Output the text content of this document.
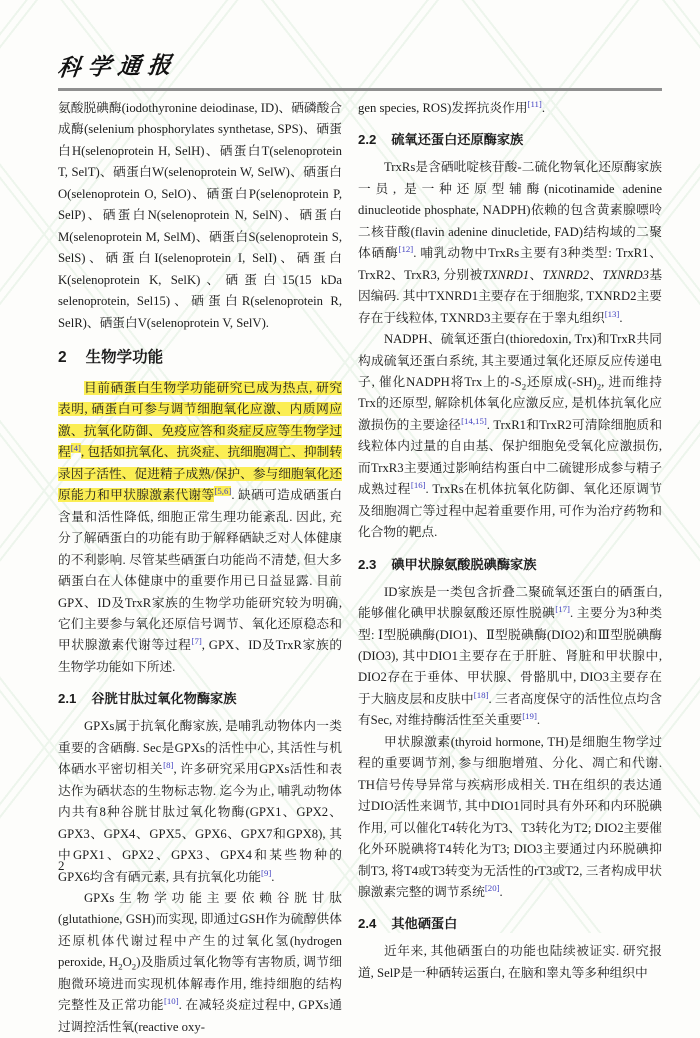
科学通报

氨酸脱碘酶(iodothyronine deiodinase, ID)、硒磷酸合成酶(selenium phosphorylates synthetase, SPS)、硒蛋白H(selenoprotein H, SelH)、硒蛋白T(selenoprotein T, SelT)、硒蛋白W(selenoprotein W, SelW)、硒蛋白O(selenoprotein O, SelO)、硒蛋白P(selenoprotein P, SelP)、硒蛋白N(selenoprotein N, SelN)、硒蛋白M(selenoprotein M, SelM)、硒蛋白S(selenoprotein S, SelS)、硒蛋白I(selenoprotein I, SelI)、硒蛋白K(selenoprotein K, SelK)、硒蛋白15(15 kDa selenoprotein, Sel15)、硒蛋白R(selenoprotein R, SelR)、硒蛋白V(selenoprotein V, SelV).

2 生物学功能

目前硒蛋白生物学功能研究已成为热点, 研究表明, 硒蛋白可参与调节细胞氧化应激、内质网应激、抗氧化防御、免疫应答和炎症反应等生物学过程[4], 包括如抗氧化、抗炎症、抗细胞凋亡、抑制转录因子活性、促进精子成熟/保护、参与细胞氧化还原能力和甲状腺激素代谢等[5,6]. 缺硒可造成硒蛋白含量和活性降低, 细胞正常生理功能紊乱. 因此, 充分了解硒蛋白的功能有助于解释硒缺乏对人体健康的不利影响. 尽管某些硒蛋白功能尚不清楚, 但大多硒蛋白在人体健康中的重要作用已日益显露. 目前GPX、ID及TrxR家族的生物学功能研究较为明确, 它们主要参与氧化还原信号调节、氧化还原稳态和甲状腺激素代谢等过程[7], GPX、ID及TrxR家族的生物学功能如下所述.

2.1 谷胱甘肽过氧化物酶家族

GPXs属于抗氧化酶家族, 是哺乳动物体内一类重要的含硒酶. Sec是GPXs的活性中心, 其活性与机体硒水平密切相关[8], 许多研究采用GPXs活性和表达作为硒状态的生物标志物. 迄今为止, 哺乳动物体内共有8种谷胱甘肽过氧化物酶(GPX1、GPX2、GPX3、GPX4、GPX5、GPX6、GPX7和GPX8), 其中GPX1、GPX2、GPX3、GPX4和某些物种的GPX6均含有硒元素, 具有抗氧化功能[9].

GPXs生物学功能主要依赖谷胱甘肽(glutathione, GSH)而实现, 即通过GSH作为硫醇供体还原机体代谢过程中产生的过氧化氢(hydrogen peroxide, $H_2O_2$)及脂质过氧化物等有害物质, 调节细胞微环境进而实现机体解毒作用, 维持细胞的结构完整性及正常功能[10]. 在减轻炎症过程中, GPXs通过调控活性氧(reactive oxy-

gen species, ROS)发挥抗炎作用[11].

2.2 硫氧还蛋白还原酶家族

TrxRs是含硒吡啶核苷酸-二硫化物氧化还原酶家族一员, 是一种还原型辅酶(nicotinamide adenine dinucleotide phosphate, NADPH)依赖的包含黄素腺嘌呤二核苷酸(flavin adenine dinucletide, FAD)结构域的二聚体硒酶[12]. 哺乳动物中TrxRs主要有3种类型: TrxR1、TrxR2、TrxR3, 分别被TXNRD1、TXNRD2、TXNRD3基因编码. 其中TXNRD1主要存在于细胞浆, TXNRD2主要存在于线粒体, TXNRD3主要存在于睾丸组织[13].

NADPH、硫氧还蛋白(thioredoxin, Trx)和TrxR共同构成硫氧还蛋白系统, 其主要通过氧化还原反应传递电子, 催化NADPH将Trx上的$-S_2$还原成$(-SH)_2$, 进而维持Trx的还原型, 解除机体氧化应激反应, 是机体抗氧化应激损伤的主要途径[14,15]. TrxR1和TrxR2可清除细胞质和线粒体内过量的自由基、保护细胞免受氧化应激损伤, 而TrxR3主要通过影响结构蛋白中二硫键形成参与精子成熟过程[16]. TrxRs在机体抗氧化防御、氧化还原调节及细胞凋亡等过程中起着重要作用, 可作为治疗药物和化合物的靶点.

2.3 碘甲状腺氨酸脱碘酶家族

ID家族是一类包含折叠二聚硫氧还蛋白的硒蛋白, 能够催化碘甲状腺氨酸还原性脱碘[17]. 主要分为3种类型: Ⅰ型脱碘酶(DIO1)、Ⅱ型脱碘酶(DIO2)和Ⅲ型脱碘酶(DIO3), 其中DIO1主要存在于肝脏、肾脏和甲状腺中, DIO2存在于垂体、甲状腺、骨骼肌中, DIO3主要存在于大脑皮层和皮肤中[18]. 三者高度保守的活性位点均含有Sec, 对维持酶活性至关重要[19].

甲状腺激素(thyroid hormone, TH)是细胞生物学过程的重要调节剂, 参与细胞增殖、分化、凋亡和代谢. TH信号传导异常与疾病形成相关. TH在组织的表达通过DIO活性来调节, 其中DIO1同时具有外环和内环脱碘作用, 可以催化T4转化为T3、T3转化为T2; DIO2主要催化外环脱碘将T4转化为T3; DIO3主要通过内环脱碘抑制T3, 将T4或T3转变为无活性的rT3或T2, 三者构成甲状腺激素完整的调节系统[20].

2.4 其他硒蛋白

近年来, 其他硒蛋白的功能也陆续被证实. 研究报道, SelP是一种硒转运蛋白, 在脑和睾丸等多种组织中

2
